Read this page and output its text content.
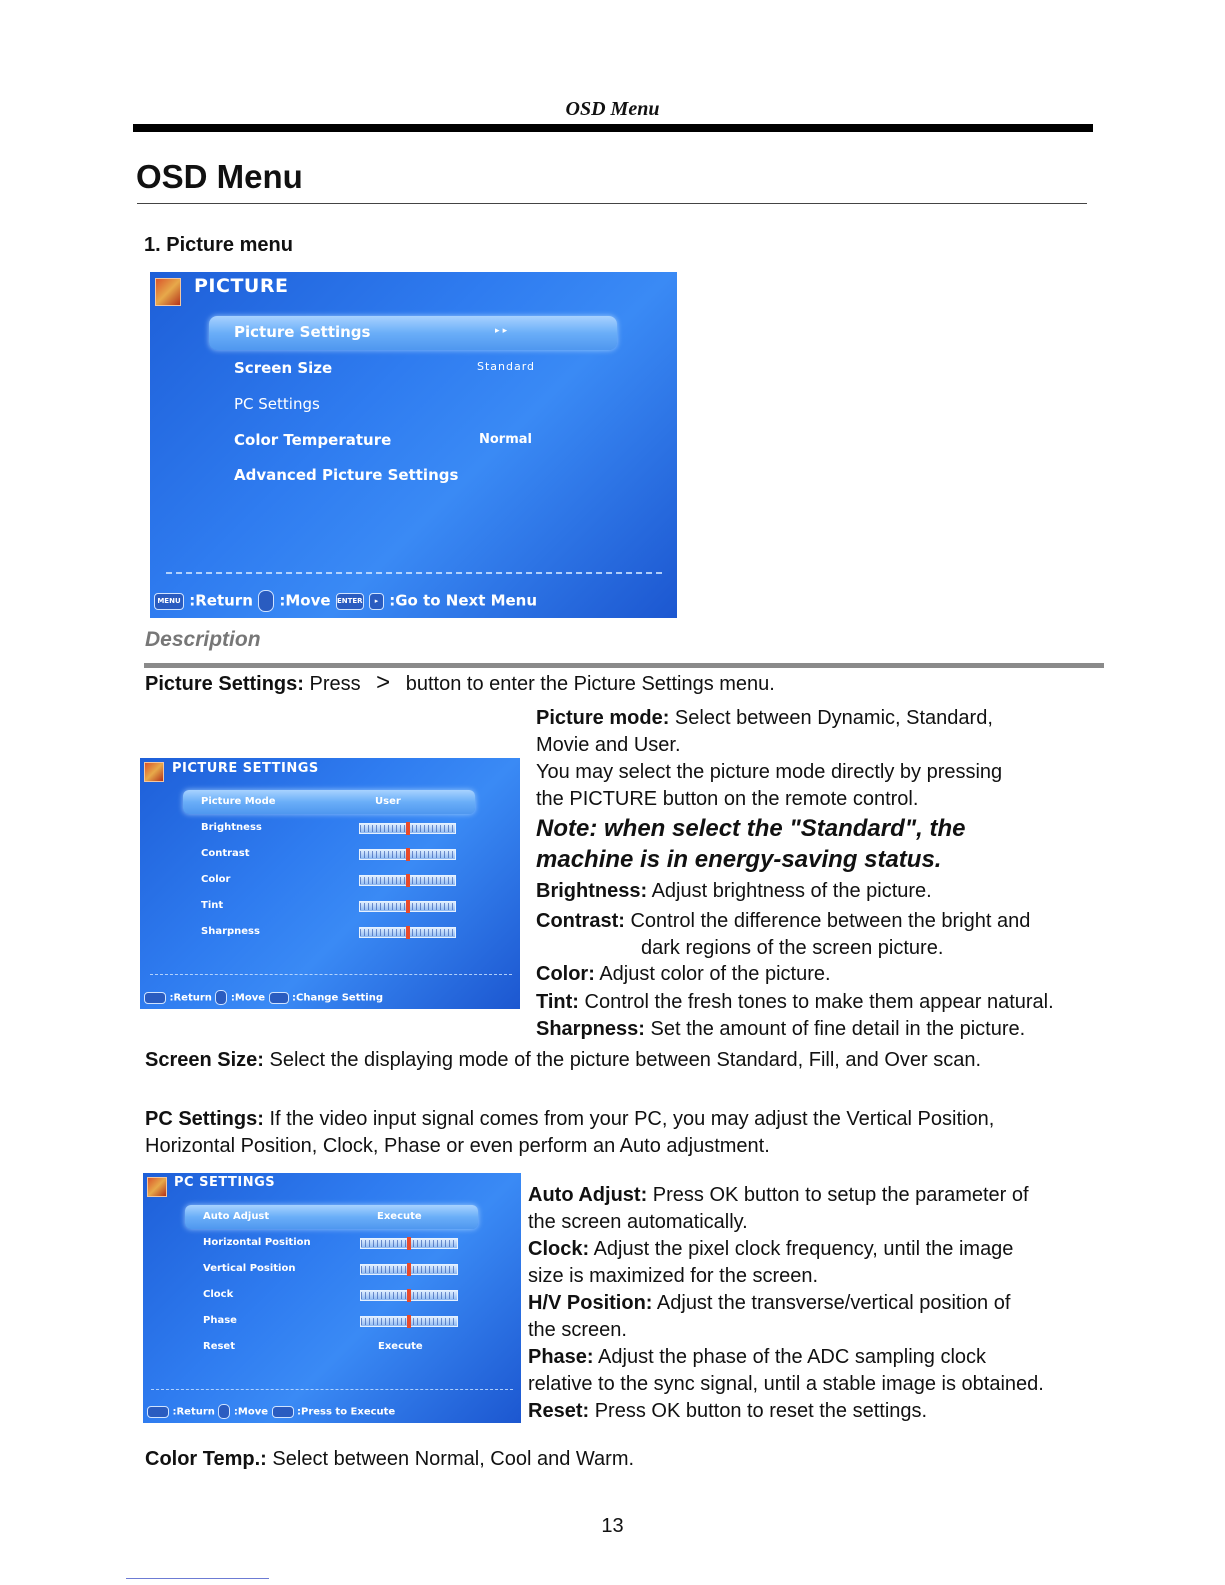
OSD Menu
OSD Menu
1. Picture menu
PICTURE
Picture Settings	▸ ▸
Screen Size	Standard
PC Settings
Color Temperature	Normal
Advanced Picture Settings
MENU :Return :Move ENTER ▸ :Go to Next Menu
Description
Picture Settings: Press > button to enter the Picture Settings menu.
PICTURE SETTINGS
Picture Mode	User
Brightness
Contrast
Color
Tint
Sharpness
:Return :Move	:Change Setting
Picture mode: Select between Dynamic, Standard,
Movie and User.
You may select the picture mode directly by pressing
the PICTURE button on the remote control.
Note: when select the "Standard", the
machine is in energy-saving status.
Brightness: Adjust brightness of the picture.
Contrast: Control the difference between the bright and
dark regions of the screen picture.
Color: Adjust color of the picture.
Tint: Control the fresh tones to make them appear natural.
Sharpness: Set the amount of fine detail in the picture.
Screen Size: Select the displaying mode of the picture between Standard, Fill, and Over scan.
PC Settings: If the video input signal comes from your PC, you may adjust the Vertical Position,
Horizontal Position, Clock, Phase or even perform an Auto adjustment.
PC SETTINGS
Auto Adjust	Execute
Horizontal Position
Vertical Position
Clock
Phase
Reset	Execute
:Return :Move	:Press to Execute
Auto Adjust: Press OK button to setup the parameter of
the screen automatically.
Clock: Adjust the pixel clock frequency, until the image
size is maximized for the screen.
H/V Position: Adjust the transverse/vertical position of
the screen.
Phase: Adjust the phase of the ADC sampling clock
relative to the sync signal, until a stable image is obtained.
Reset: Press OK button to reset the settings.
Color Temp.: Select between Normal, Cool and Warm.
13
